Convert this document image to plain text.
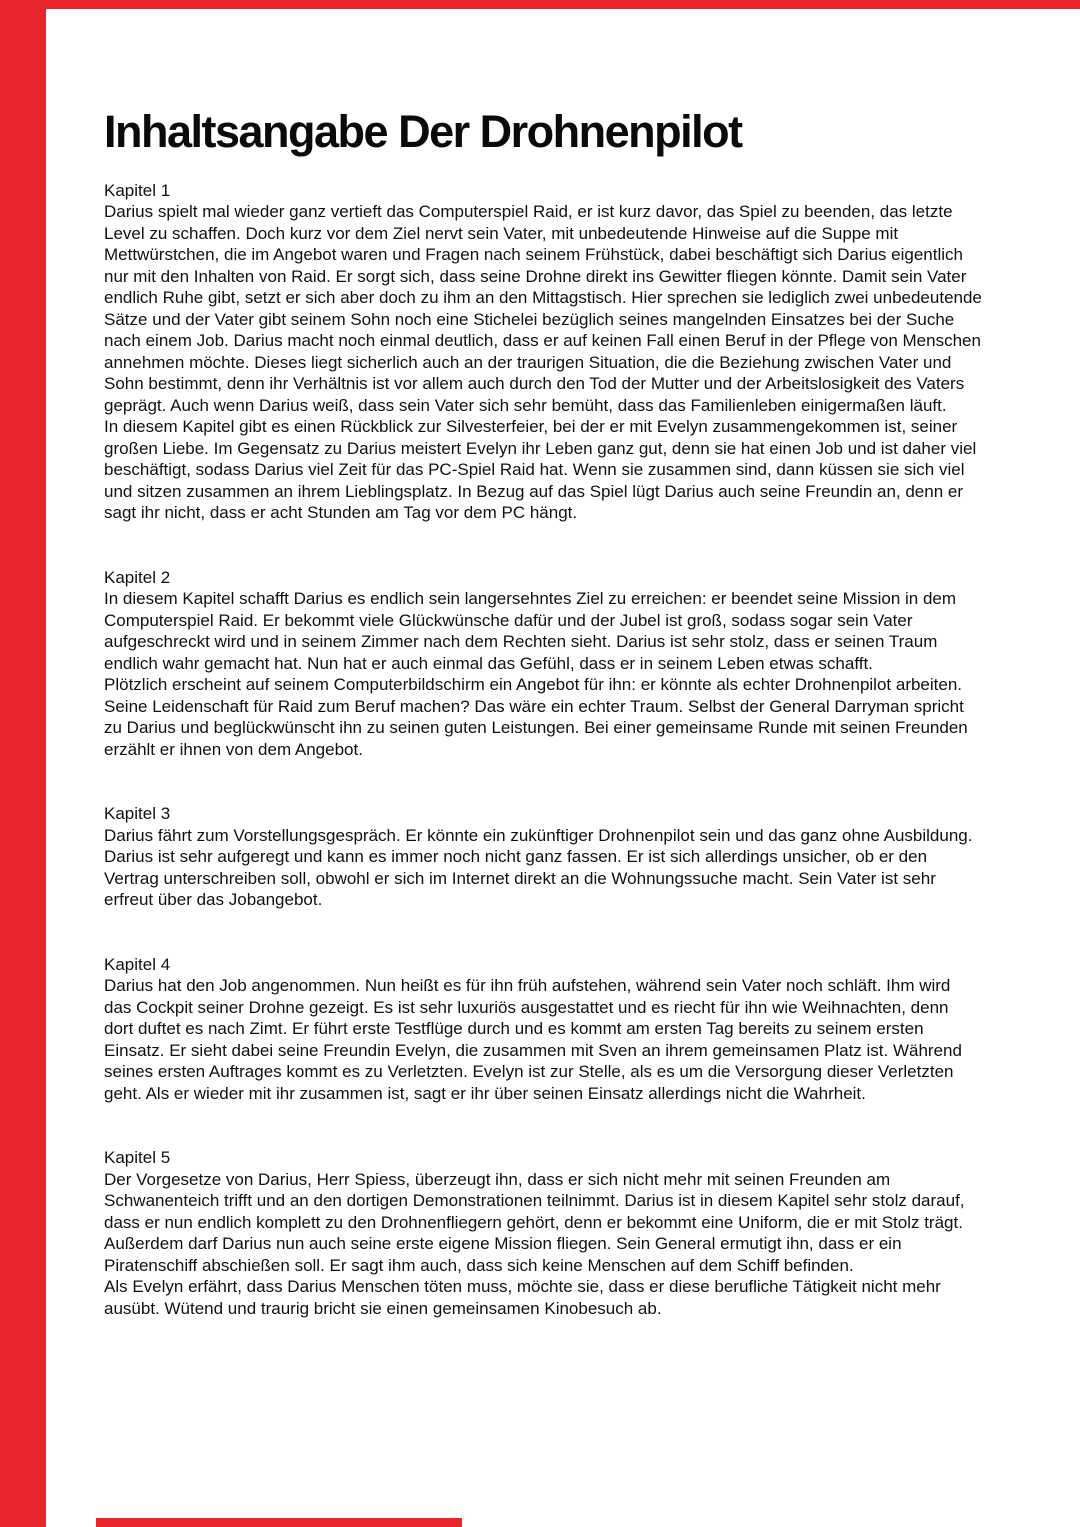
Inhaltsangabe Der Drohnenpilot
Kapitel 1

Darius spielt mal wieder ganz vertieft das Computerspiel Raid, er ist kurz davor, das Spiel zu beenden, das letzte Level zu schaffen. Doch kurz vor dem Ziel nervt sein Vater, mit unbedeutende Hinweise auf die Suppe mit Mettwürstchen, die im Angebot waren und Fragen nach seinem Frühstück, dabei beschäftigt sich Darius eigentlich nur mit den Inhalten von Raid. Er sorgt sich, dass seine Drohne direkt ins Gewitter fliegen könnte. Damit sein Vater endlich Ruhe gibt, setzt er sich aber doch zu ihm an den Mittagstisch. Hier sprechen sie lediglich zwei unbedeutende Sätze und der Vater gibt seinem Sohn noch eine Stichelei bezüglich seines mangelnden Einsatzes bei der Suche nach einem Job. Darius macht noch einmal deutlich, dass er auf keinen Fall einen Beruf in der Pflege von Menschen annehmen möchte. Dieses liegt sicherlich auch an der traurigen Situation, die die Beziehung zwischen Vater und Sohn bestimmt, denn ihr Verhältnis ist vor allem auch durch den Tod der Mutter und der Arbeitslosigkeit des Vaters geprägt. Auch wenn Darius weiß, dass sein Vater sich sehr bemüht, dass das Familienleben einigermaßen läuft.

In diesem Kapitel gibt es einen Rückblick zur Silvesterfeier, bei der er mit Evelyn zusammengekommen ist, seiner großen Liebe. Im Gegensatz zu Darius meistert Evelyn ihr Leben ganz gut, denn sie hat einen Job und ist daher viel beschäftigt, sodass Darius viel Zeit für das PC-Spiel Raid hat. Wenn sie zusammen sind, dann küssen sie sich viel und sitzen zusammen an ihrem Lieblingsplatz. In Bezug auf das Spiel lügt Darius auch seine Freundin an, denn er sagt ihr nicht, dass er acht Stunden am Tag vor dem PC hängt.

Kapitel 2

In diesem Kapitel schafft Darius es endlich sein langersehntes Ziel zu erreichen: er beendet seine Mission in dem Computerspiel Raid. Er bekommt viele Glückwünsche dafür und der Jubel ist groß, sodass sogar sein Vater aufgeschreckt wird und in seinem Zimmer nach dem Rechten sieht. Darius ist sehr stolz, dass er seinen Traum endlich wahr gemacht hat. Nun hat er auch einmal das Gefühl, dass er in seinem Leben etwas schafft.

Plötzlich erscheint auf seinem Computerbildschirm ein Angebot für ihn: er könnte als echter Drohnenpilot arbeiten. Seine Leidenschaft für Raid zum Beruf machen? Das wäre ein echter Traum. Selbst der General Darryman spricht zu Darius und beglückwünscht ihn zu seinen guten Leistungen. Bei einer gemeinsame Runde mit seinen Freunden erzählt er ihnen von dem Angebot.

Kapitel 3

Darius fährt zum Vorstellungsgespräch. Er könnte ein zukünftiger Drohnenpilot sein und das ganz ohne Ausbildung. Darius ist sehr aufgeregt und kann es immer noch nicht ganz fassen. Er ist sich allerdings unsicher, ob er den Vertrag unterschreiben soll, obwohl er sich im Internet direkt an die Wohnungssuche macht. Sein Vater ist sehr erfreut über das Jobangebot.

Kapitel 4

Darius hat den Job angenommen. Nun heißt es für ihn früh aufstehen, während sein Vater noch schläft. Ihm wird das Cockpit seiner Drohne gezeigt. Es ist sehr luxuriös ausgestattet und es riecht für ihn wie Weihnachten, denn dort duftet es nach Zimt. Er führt erste Testflüge durch und es kommt am ersten Tag bereits zu seinem ersten Einsatz. Er sieht dabei seine Freundin Evelyn, die zusammen mit Sven an ihrem gemeinsamen Platz ist. Während seines ersten Auftrages kommt es zu Verletzten. Evelyn ist zur Stelle, als es um die Versorgung dieser Verletzten geht. Als er wieder mit ihr zusammen ist, sagt er ihr über seinen Einsatz allerdings nicht die Wahrheit.

Kapitel 5

Der Vorgesetze von Darius, Herr Spiess, überzeugt ihn, dass er sich nicht mehr mit seinen Freunden am Schwanenteich trifft und an den dortigen Demonstrationen teilnimmt. Darius ist in diesem Kapitel sehr stolz darauf, dass er nun endlich komplett zu den Drohnenfliegern gehört, denn er bekommt eine Uniform, die er mit Stolz trägt. Außerdem darf Darius nun auch seine erste eigene Mission fliegen. Sein General ermutigt ihn, dass er ein Piratenschiff abschießen soll. Er sagt ihm auch, dass sich keine Menschen auf dem Schiff befinden.

Als Evelyn erfährt, dass Darius Menschen töten muss, möchte sie, dass er diese berufliche Tätigkeit nicht mehr ausübt. Wütend und traurig bricht sie einen gemeinsamen Kinobesuch ab.
